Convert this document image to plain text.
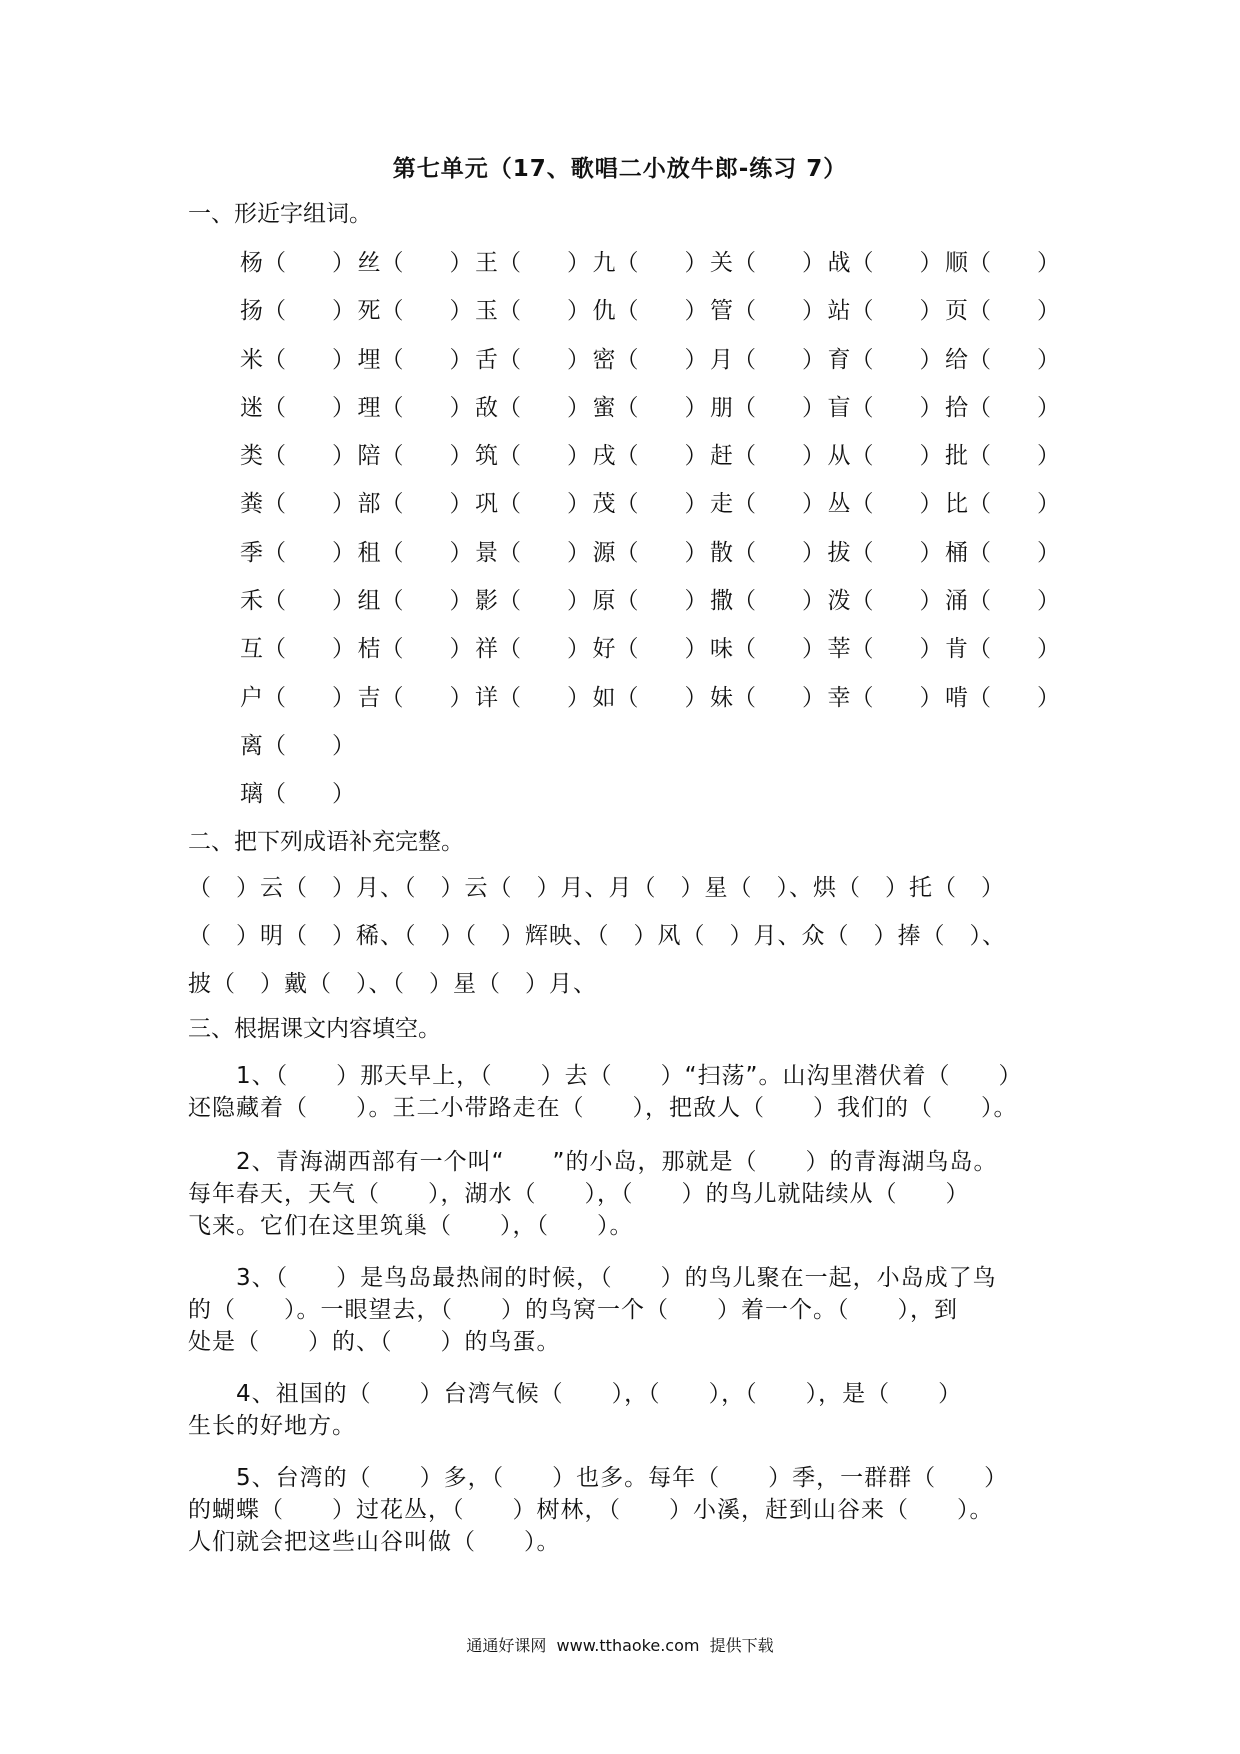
第七单元（17、歌唱二小放牛郎-练习 7）
一、形近字组词。
杨（　　） 丝（　　） 王（　　） 九（　　） 关（　　） 战（　　） 顺（　　）
扬（　　） 死（　　） 玉（　　） 仇（　　） 管（　　） 站（　　） 页（　　）
米（　　） 埋（　　） 舌（　　） 密（　　） 月（　　） 育（　　） 给（　　）
迷（　　） 理（　　） 敌（　　） 蜜（　　） 朋（　　） 盲（　　） 拾（　　）
类（　　） 陪（　　） 筑（　　） 戌（　　） 赶（　　） 从（　　） 批（　　）
粪（　　） 部（　　） 巩（　　） 茂（　　） 走（　　） 丛（　　） 比（　　）
季（　　） 租（　　） 景（　　） 源（　　） 散（　　） 拔（　　） 桶（　　）
禾（　　） 组（　　） 影（　　） 原（　　） 撒（　　） 泼（　　） 涌（　　）
互（　　） 桔（　　） 祥（　　） 好（　　） 味（　　） 莘（　　） 肯（　　）
户（　　） 吉（　　） 详（　　） 如（　　） 妹（　　） 幸（　　） 啃（　　）
离（　　）
璃（　　）
二、把下列成语补充完整。
（　）云（　）月、（　）云（　）月、月（　）星（　）、烘（　）托（　）
（　）明（　）稀、（　）（　）辉映、（　）风（　）月、众（　）捧（　）、
披（　）戴（　）、（　）星（　）月、
三、根据课文内容填空。
　　1、（　　）那天早上，（　　）去（　　）“扫荡”。山沟里潜伏着（　　）
还隐藏着（　　）。王二小带路走在（　　），把敌人（　　）我们的（　　）。
　　2、青海湖西部有一个叫“　　”的小岛，那就是（　　）的青海湖鸟岛。
每年春天，天气（　　），湖水（　　），（　　）的鸟儿就陆续从（　　）
飞来。它们在这里筑巢（　　），（　　）。
　　3、（　　）是鸟岛最热闹的时候，（　　）的鸟儿聚在一起，小岛成了鸟
的（　　）。一眼望去，（　　）的鸟窝一个（　　）着一个。（　　），到
处是（　　）的、（　　）的鸟蛋。
　　4、祖国的（　　）台湾气候（　　），（　　），（　　），是（　　）
生长的好地方。
　　5、台湾的（　　）多，（　　）也多。每年（　　）季，一群群（　　）
的蝴蝶（　　）过花丛，（　　）树林，（　　）小溪，赶到山谷来（　　）。
人们就会把这些山谷叫做（　　）。
通通好课网  www.tthaoke.com  提供下载
